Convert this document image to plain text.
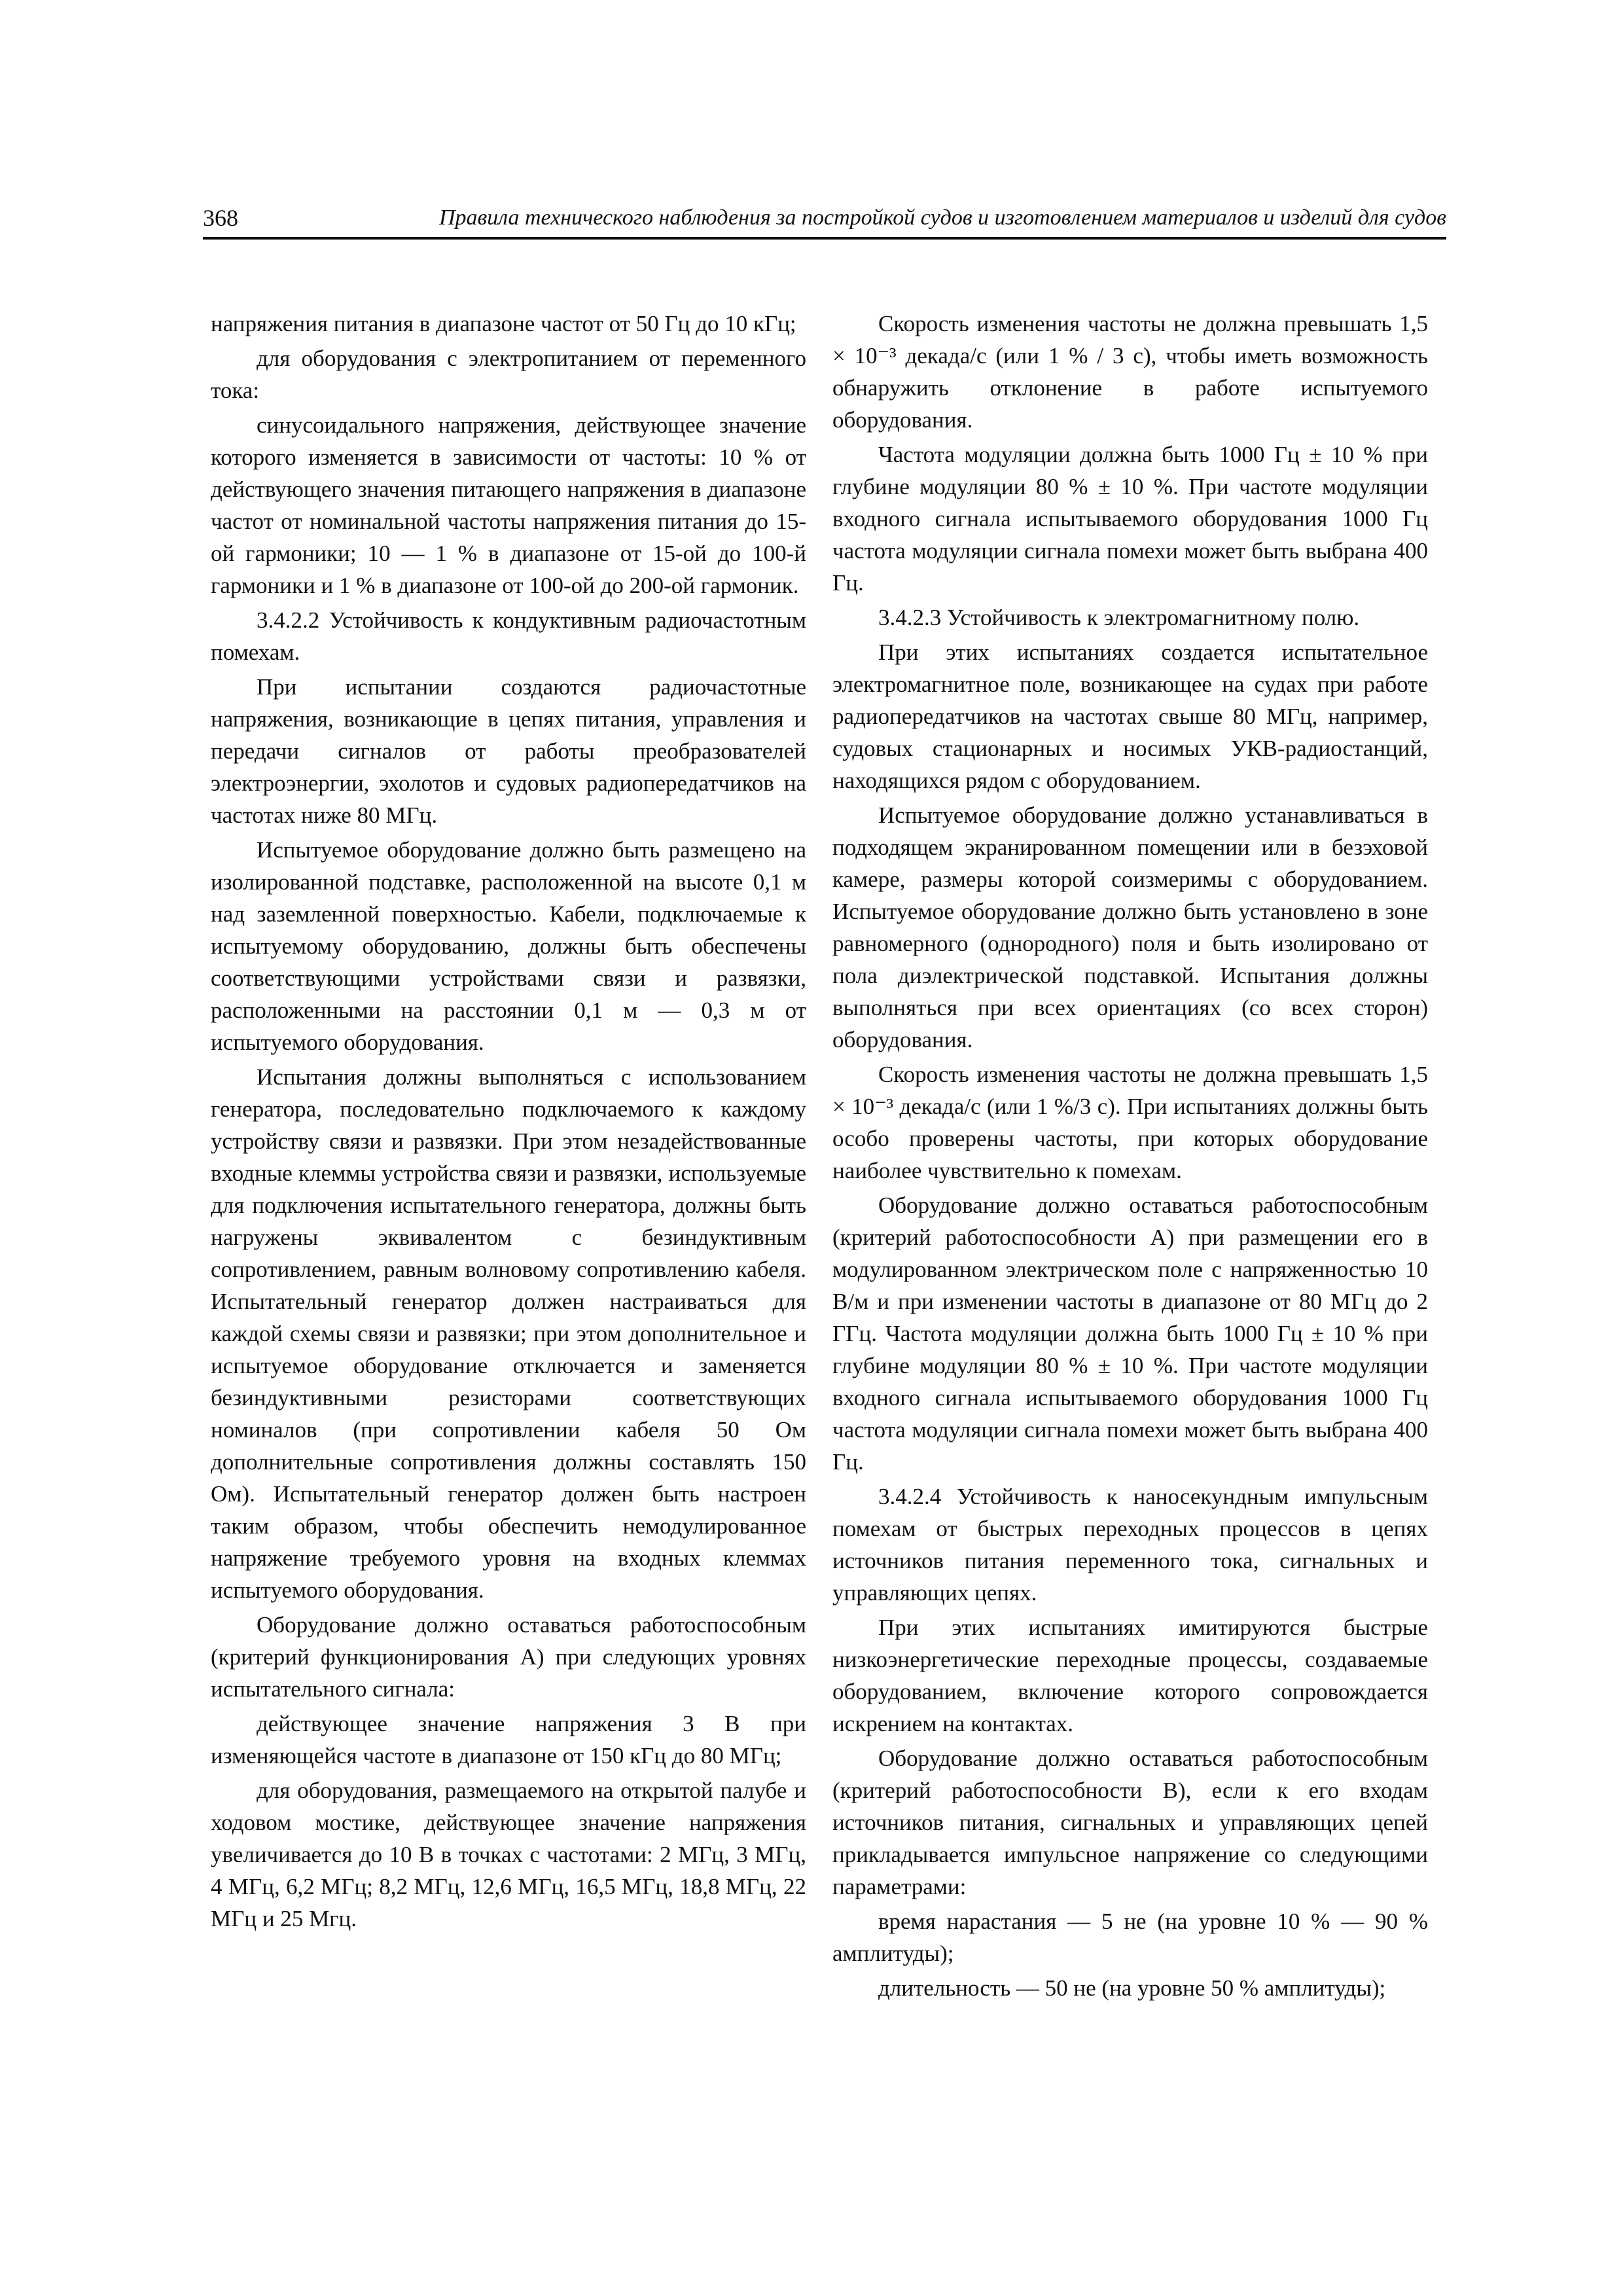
368	Правила технического наблюдения за постройкой судов и изготовлением материалов и изделий для судов

напряжения питания в диапазоне частот от 50 Гц до 10 кГц;

для оборудования с электропитанием от переменного тока:

синусоидального напряжения, действующее значение которого изменяется в зависимости от частоты: 10 % от действующего значения питающего напряжения в диапазоне частот от номинальной частоты напряжения питания до 15-ой гармоники; 10 — 1 % в диапазоне от 15-ой до 100-й гармоники и 1 % в диапазоне от 100-ой до 200-ой гармоник.

3.4.2.2 Устойчивость к кондуктивным радиочастотным помехам.

При испытании создаются радиочастотные напряжения, возникающие в цепях питания, управления и передачи сигналов от работы преобразователей электроэнергии, эхолотов и судовых радиопередатчиков на частотах ниже 80 МГц.

Испытуемое оборудование должно быть размещено на изолированной подставке, расположенной на высоте 0,1 м над заземленной поверхностью. Кабели, подключаемые к испытуемому оборудованию, должны быть обеспечены соответствующими устройствами связи и развязки, расположенными на расстоянии 0,1 м — 0,3 м от испытуемого оборудования.

Испытания должны выполняться с использованием генератора, последовательно подключаемого к каждому устройству связи и развязки. При этом незадействованные входные клеммы устройства связи и развязки, используемые для подключения испытательного генератора, должны быть нагружены эквивалентом с безиндуктивным сопротивлением, равным волновому сопротивлению кабеля. Испытательный генератор должен настраиваться для каждой схемы связи и развязки; при этом дополнительное и испытуемое оборудование отключается и заменяется безиндуктивными резисторами соответствующих номиналов (при сопротивлении кабеля 50 Ом дополнительные сопротивления должны составлять 150 Ом). Испытательный генератор должен быть настроен таким образом, чтобы обеспечить немодулированное напряжение требуемого уровня на входных клеммах испытуемого оборудования.

Оборудование должно оставаться работоспособным (критерий функционирования А) при следующих уровнях испытательного сигнала:

действующее значение напряжения 3 В при изменяющейся частоте в диапазоне от 150 кГц до 80 МГц;

для оборудования, размещаемого на открытой палубе и ходовом мостике, действующее значение напряжения увеличивается до 10 В в точках с частотами: 2 МГц, 3 МГц, 4 МГц, 6,2 МГц; 8,2 МГц, 12,6 МГц, 16,5 МГц, 18,8 МГц, 22 МГц и 25 Мгц.

Скорость изменения частоты не должна превышать 1,5 × 10⁻³ декада/с (или 1 % / 3 с), чтобы иметь возможность обнаружить отклонение в работе испытуемого оборудования.

Частота модуляции должна быть 1000 Гц ± 10 % при глубине модуляции 80 % ± 10 %. При частоте модуляции входного сигнала испытываемого оборудования 1000 Гц частота модуляции сигнала помехи может быть выбрана 400 Гц.

3.4.2.3 Устойчивость к электромагнитному полю.

При этих испытаниях создается испытательное электромагнитное поле, возникающее на судах при работе радиопередатчиков на частотах свыше 80 МГц, например, судовых стационарных и носимых УКВ-радиостанций, находящихся рядом с оборудованием.

Испытуемое оборудование должно устанавливаться в подходящем экранированном помещении или в безэховой камере, размеры которой соизмеримы с оборудованием. Испытуемое оборудование должно быть установлено в зоне равномерного (однородного) поля и быть изолировано от пола диэлектрической подставкой. Испытания должны выполняться при всех ориентациях (со всех сторон) оборудования.

Скорость изменения частоты не должна превышать 1,5 × 10⁻³ декада/с (или 1 %/3 с). При испытаниях должны быть особо проверены частоты, при которых оборудование наиболее чувствительно к помехам.

Оборудование должно оставаться работоспособным (критерий работоспособности А) при размещении его в модулированном электрическом поле с напряженностью 10 В/м и при изменении частоты в диапазоне от 80 МГц до 2 ГГц. Частота модуляции должна быть 1000 Гц ± 10 % при глубине модуляции 80 % ± 10 %. При частоте модуляции входного сигнала испытываемого оборудования 1000 Гц частота модуляции сигнала помехи может быть выбрана 400 Гц.

3.4.2.4 Устойчивость к наносекундным импульсным помехам от быстрых переходных процессов в цепях источников питания переменного тока, сигнальных и управляющих цепях.

При этих испытаниях имитируются быстрые низкоэнергетические переходные процессы, создаваемые оборудованием, включение которого сопровождается искрением на контактах.

Оборудование должно оставаться работоспособным (критерий работоспособности В), если к его входам источников питания, сигнальных и управляющих цепей прикладывается импульсное напряжение со следующими параметрами:

время нарастания — 5 не (на уровне 10 % — 90 % амплитуды);

длительность — 50 не (на уровне 50 % амплитуды);
